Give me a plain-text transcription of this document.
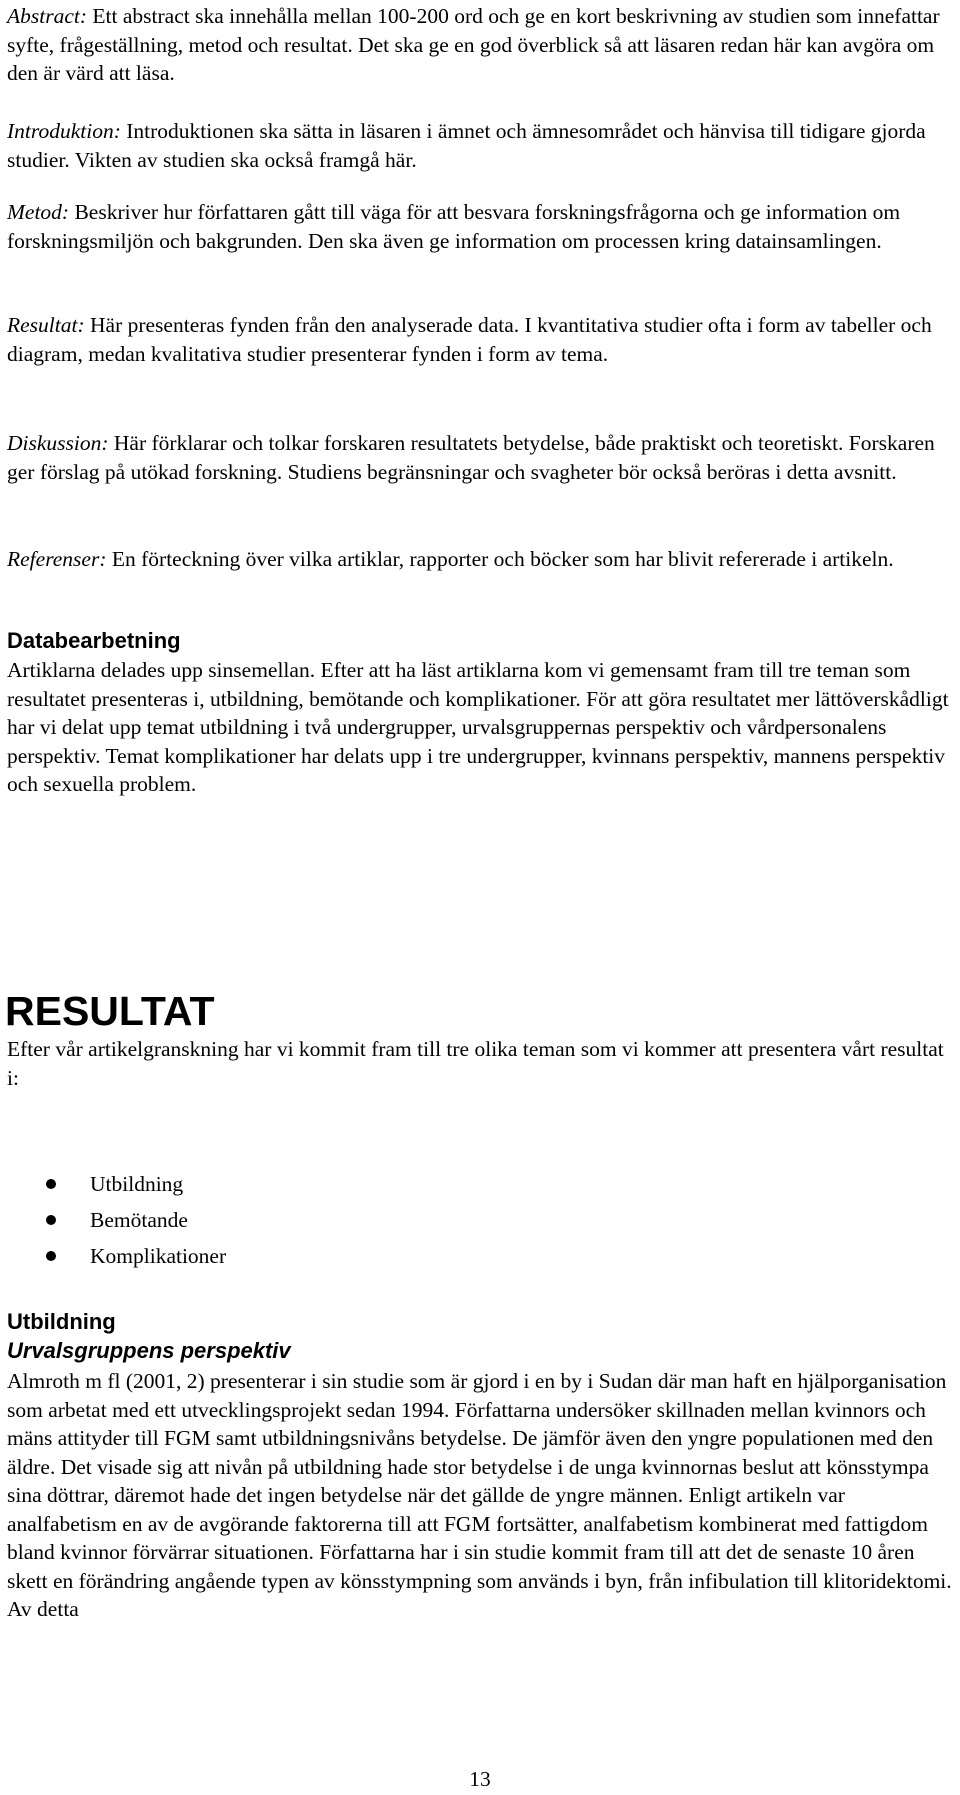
Abstract: Ett abstract ska innehålla mellan 100-200 ord och ge en kort beskrivning av studien som innefattar syfte, frågeställning, metod och resultat. Det ska ge en god överblick så att läsaren redan här kan avgöra om den är värd att läsa.

Introduktion: Introduktionen ska sätta in läsaren i ämnet och ämnesområdet och hänvisa till tidigare gjorda studier. Vikten av studien ska också framgå här.

Metod: Beskriver hur författaren gått till väga för att besvara forskningsfrågorna och ge information om forskningsmiljön och bakgrunden. Den ska även ge information om processen kring datainsamlingen.

Resultat: Här presenteras fynden från den analyserade data. I kvantitativa studier ofta i form av tabeller och diagram, medan kvalitativa studier presenterar fynden i form av tema.

Diskussion: Här förklarar och tolkar forskaren resultatets betydelse, både praktiskt och teoretiskt. Forskaren ger förslag på utökad forskning. Studiens begränsningar och svagheter bör också beröras i detta avsnitt.

Referenser: En förteckning över vilka artiklar, rapporter och böcker som har blivit refererade i artikeln.

Databearbetning

Artiklarna delades upp sinsemellan. Efter att ha läst artiklarna kom vi gemensamt fram till tre teman som resultatet presenteras i, utbildning, bemötande och komplikationer. För att göra resultatet mer lättöverskådligt har vi delat upp temat utbildning i två undergrupper, urvalsgruppernas perspektiv och vårdpersonalens perspektiv. Temat komplikationer har delats upp i tre undergrupper, kvinnans perspektiv, mannens perspektiv och sexuella problem.

RESULTAT

Efter vår artikelgranskning har vi kommit fram till tre olika teman som vi kommer att presentera vårt resultat i:

Utbildning
Bemötande
Komplikationer
Utbildning
Urvalsgruppens perspektiv

Almroth m fl (2001, 2) presenterar i sin studie som är gjord i en by i Sudan där man haft en hjälporganisation som arbetat med ett utvecklingsprojekt sedan 1994. Författarna undersöker skillnaden mellan kvinnors och mäns attityder till FGM samt utbildningsnivåns betydelse. De jämför även den yngre populationen med den äldre. Det visade sig att nivån på utbildning hade stor betydelse i de unga kvinnornas beslut att könsstympa sina döttrar, däremot hade det ingen betydelse när det gällde de yngre männen. Enligt artikeln var analfabetism en av de avgörande faktorerna till att FGM fortsätter, analfabetism kombinerat med fattigdom bland kvinnor förvärrar situationen. Författarna har i sin studie kommit fram till att det de senaste 10 åren skett en förändring angående typen av könsstympning som används i byn, från infibulation till klitoridektomi. Av detta

13
